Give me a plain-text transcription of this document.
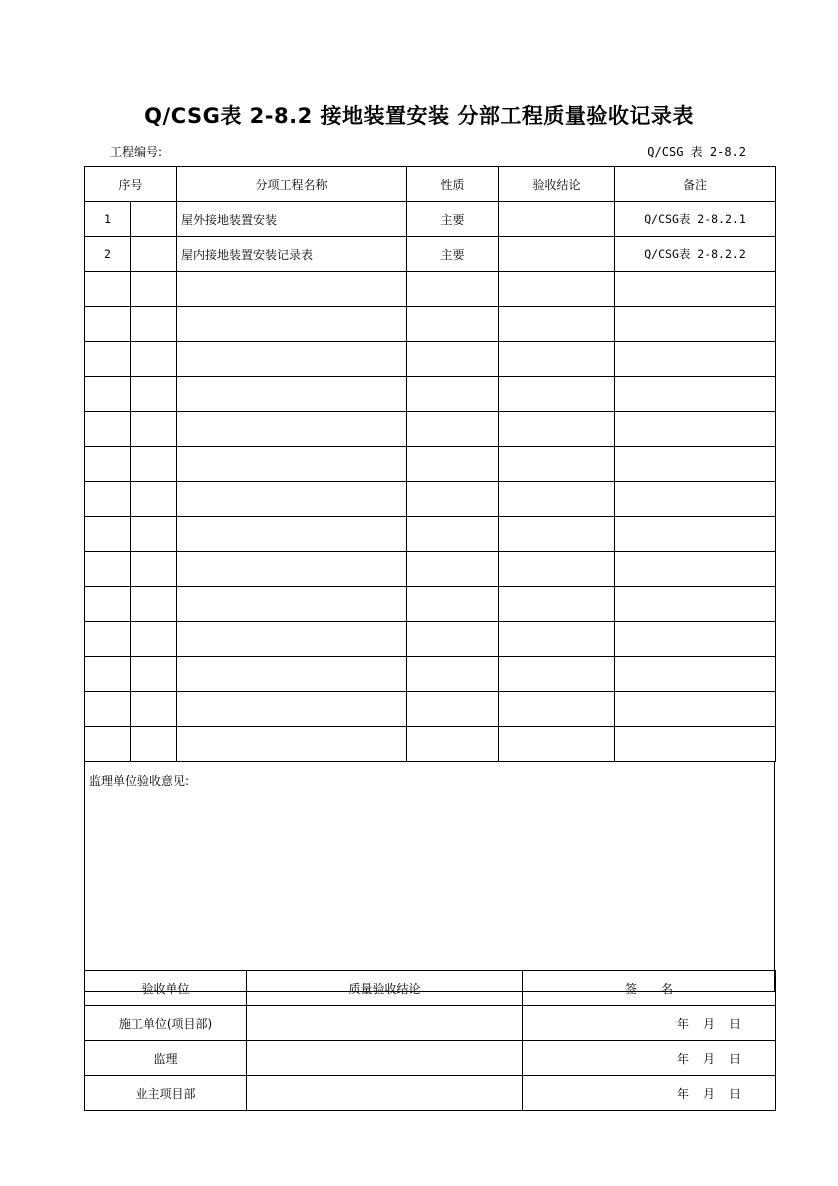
Q/CSG表 2-8.2 接地装置安装 分部工程质量验收记录表
工程编号:	Q/CSG 表 2-8.2
序号		分项工程名称	性质	验收结论	备注
1		屋外接地装置安装	主要		Q/CSG表 2-8.2.1
2		屋内接地装置安装记录表	主要		Q/CSG表 2-8.2.2

监理单位验收意见:
验收单位	质量验收结论	签　　名
施工单位(项目部)		年 月 日
监理		年 月 日
业主项目部		年 月 日
